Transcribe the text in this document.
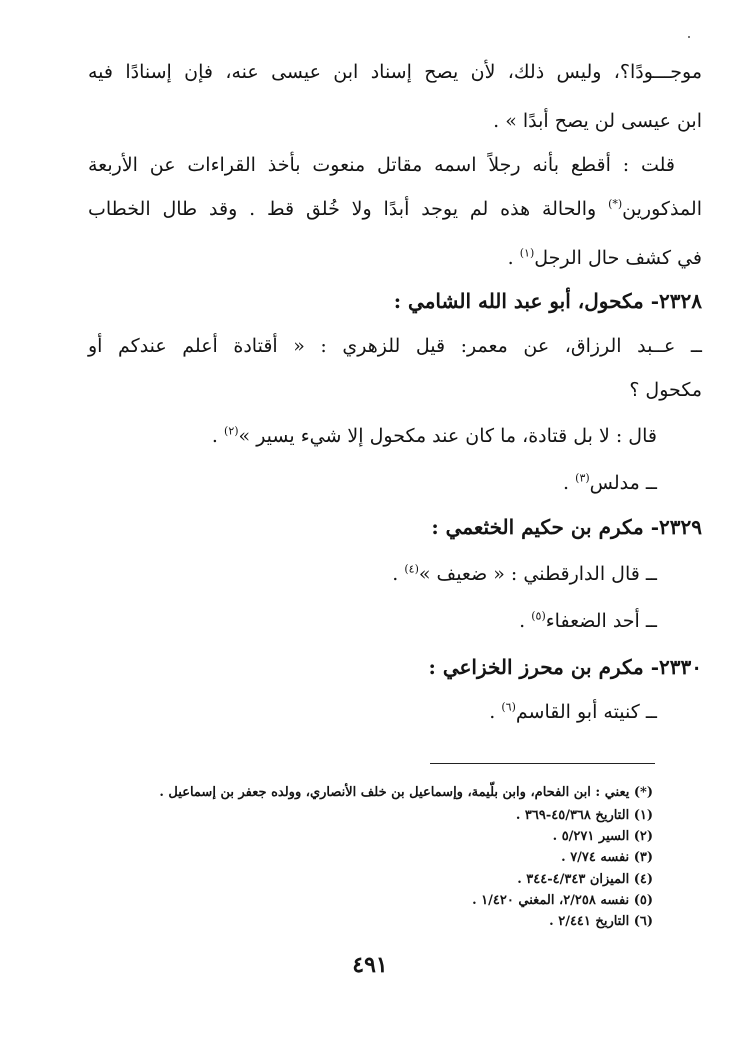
موجـــودًا؟، وليس ذلك، لأن يصح إسناد ابن عيسى عنه، فإن إسنادًا فيه
ابن عيسى لن يصح أبدًا » .
قلت : أقطع بأنه رجلاً اسمه مقاتل منعوت بأخذ القراءات عن الأربعة
المذكورين(*) والحالة هذه لم يوجد أبدًا ولا خُلق قط . وقد طال الخطاب
في كشف حال الرجل$^{(١)}$ .
٢٣٢٨- مكحول، أبو عبد الله الشامي :
ــ عــبد الرزاق، عن معمر: قيل للزهري : « أقتادة أعلم عندكم أو
مكحول ؟
قال : لا بل قتادة، ما كان عند مكحول إلا شيء يسير »$^{(٢)}$ .
ــ مدلس$^{(٣)}$ .
٢٣٢٩- مكرم بن حكيم الخثعمي :
ــ قال الدارقطني : « ضعيف »$^{(٤)}$ .
ــ أحد الضعفاء$^{(٥)}$ .
٢٣٣٠- مكرم بن محرز الخزاعي :
ــ كنيته أبو القاسم$^{(٦)}$ .
(*) يعني : ابن الفحام، وابن بلّيمة، وإسماعيل بن خلف الأنصاري، وولده جعفر بن إسماعيل .
(١) التاريخ ٤٥/٣٦٨-٣٦٩ .
(٢) السير ٥/٢٧١ .
(٣) نفسه ٧/٧٤ .
(٤) الميزان ٤/٣٤٣-٣٤٤ .
(٥) نفسه ٢/٢٥٨، المغني ١/٤٢٠ .
(٦) التاريخ ٢/٤٤١ .
٤٩١
